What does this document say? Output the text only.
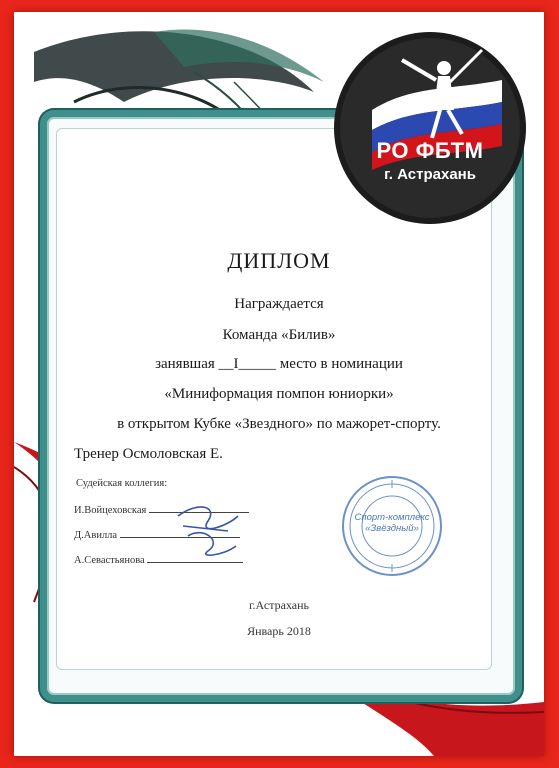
РО ФБТМ
г. Астрахань
ДИПЛОМ
Награждается
Команда «Билив»
занявшая __I_____ место в номинации
«Миниформация помпон юниорки»
в открытом Кубке «Звездного» по мажорет-спорту.
Тренер Осмоловская Е.
Судейская коллегия:
И.Войцеховская
Д.Авилла
А.Севастьянова
Спорт-комплекс «Звёздный»
г.Астрахань
Январь 2018
